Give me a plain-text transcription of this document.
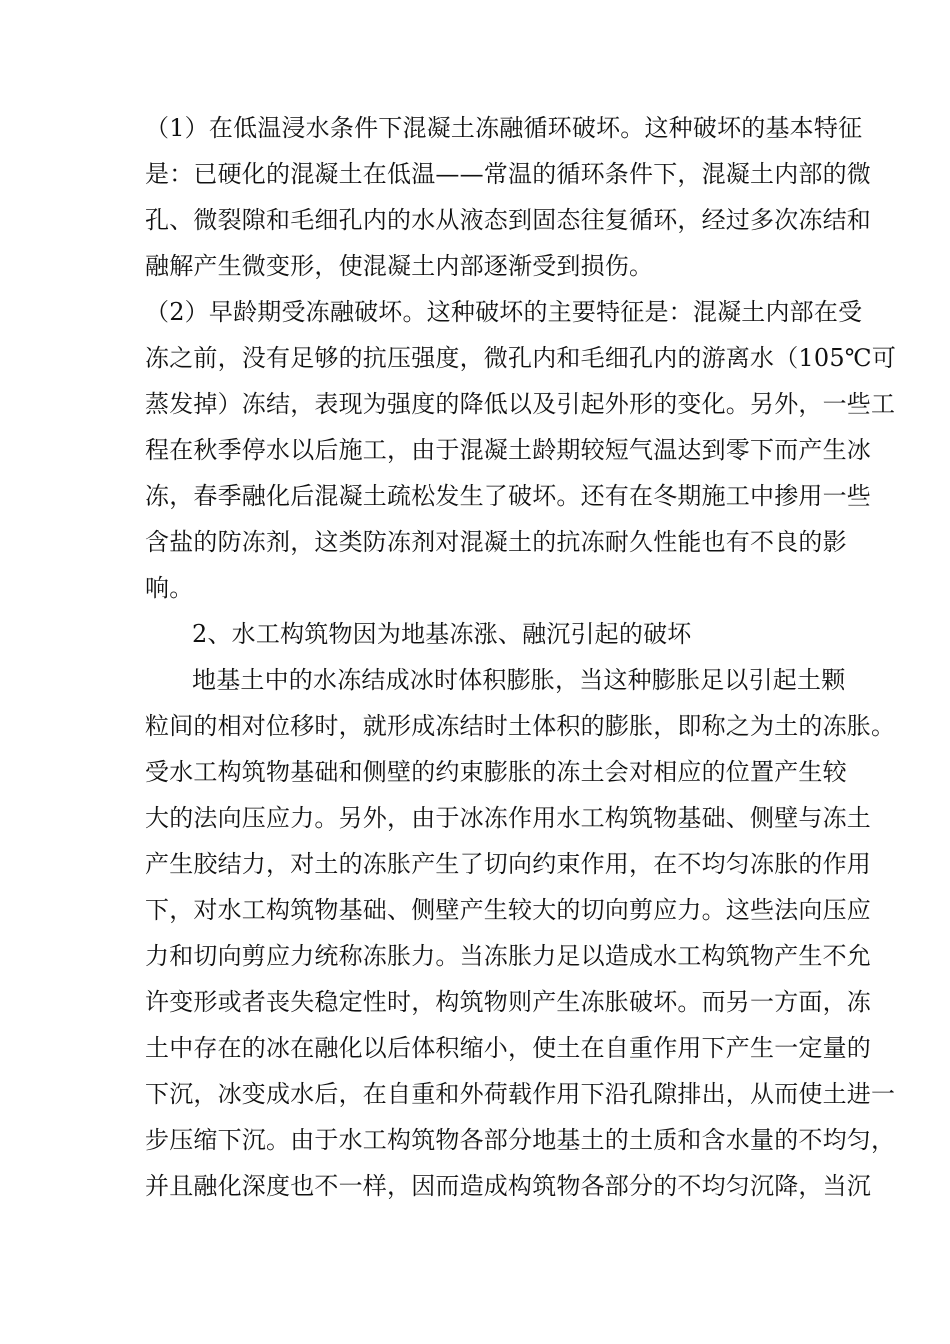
（1）在低温浸水条件下混凝土冻融循环破坏。这种破坏的基本特征
是：已硬化的混凝土在低温——常温的循环条件下，混凝土内部的微
孔、微裂隙和毛细孔内的水从液态到固态往复循环，经过多次冻结和
融解产生微变形，使混凝土内部逐渐受到损伤。
（2）早龄期受冻融破坏。这种破坏的主要特征是：混凝土内部在受
冻之前，没有足够的抗压强度，微孔内和毛细孔内的游离水（105℃可
蒸发掉）冻结，表现为强度的降低以及引起外形的变化。另外，一些工
程在秋季停水以后施工，由于混凝土龄期较短气温达到零下而产生冰
冻，春季融化后混凝土疏松发生了破坏。还有在冬期施工中掺用一些
含盐的防冻剂，这类防冻剂对混凝土的抗冻耐久性能也有不良的影
响。
2、水工构筑物因为地基冻涨、融沉引起的破坏
地基土中的水冻结成冰时体积膨胀，当这种膨胀足以引起土颗
粒间的相对位移时，就形成冻结时土体积的膨胀，即称之为土的冻胀。
受水工构筑物基础和侧壁的约束膨胀的冻土会对相应的位置产生较
大的法向压应力。另外，由于冰冻作用水工构筑物基础、侧壁与冻土
产生胶结力，对土的冻胀产生了切向约束作用，在不均匀冻胀的作用
下，对水工构筑物基础、侧壁产生较大的切向剪应力。这些法向压应
力和切向剪应力统称冻胀力。当冻胀力足以造成水工构筑物产生不允
许变形或者丧失稳定性时，构筑物则产生冻胀破坏。而另一方面，冻
土中存在的冰在融化以后体积缩小，使土在自重作用下产生一定量的
下沉，冰变成水后，在自重和外荷载作用下沿孔隙排出，从而使土进一
步压缩下沉。由于水工构筑物各部分地基土的土质和含水量的不均匀，
并且融化深度也不一样，因而造成构筑物各部分的不均匀沉降，当沉
